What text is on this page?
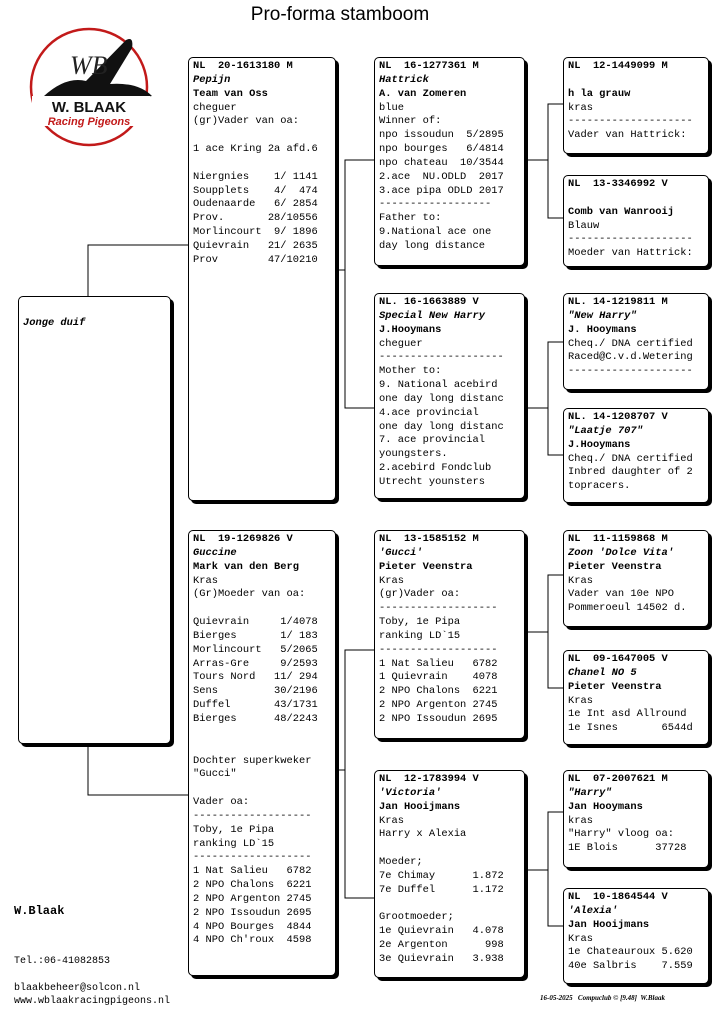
Pro-forma stamboom
WB
W. BLAAK
Racing Pigeons
Jonge duif
NL  20-1613180 M
Pepijn
Team van Oss
cheguer
(gr)Vader van oa:
1 ace Kring 2a afd.6
Niergnies    1/ 1141
Soupplets    4/  474
Oudenaarde   6/ 2854
Prov.       28/10556
Morlincourt  9/ 1896
Quievrain   21/ 2635
Prov        47/10210
NL  19-1269826 V
Guccine
Mark van den Berg
Kras
(Gr)Moeder van oa:
Quievrain     1/4078
Bierges       1/ 183
Morlincourt   5/2065
Arras-Gre     9/2593
Tours Nord   11/ 294
Sens         30/2196
Duffel       43/1731
Bierges      48/2243
Dochter superkweker
"Gucci"
Vader oa:
-------------------
Toby, 1e Pipa
ranking LD`15
-------------------
1 Nat Salieu   6782
2 NPO Chalons  6221
2 NPO Argenton 2745
2 NPO Issoudun 2695
4 NPO Bourges  4844
4 NPO Ch'roux  4598
NL  16-1277361 M
Hattrick
A. van Zomeren
blue
Winner of:
npo issoudun  5/2895
npo bourges   6/4814
npo chateau  10/3544
2.ace  NU.ODLD  2017
3.ace pipa ODLD 2017
------------------
Father to:
9.National ace one
day long distance
NL. 16-1663889 V
Special New Harry
J.Hooymans
cheguer
--------------------
Mother to:
9. National acebird
one day long distanc
4.ace provincial
one day long distanc
7. ace provincial
youngsters.
2.acebird Fondclub
Utrecht younsters
NL  13-1585152 M
'Gucci'
Pieter Veenstra
Kras
(gr)Vader oa:
-------------------
Toby, 1e Pipa
ranking LD`15
-------------------
1 Nat Salieu   6782
1 Quievrain    4078
2 NPO Chalons  6221
2 NPO Argenton 2745
2 NPO Issoudun 2695
NL  12-1783994 V
'Victoria'
Jan Hooijmans
Kras
Harry x Alexia
Moeder;
7e Chimay      1.872
7e Duffel      1.172
Grootmoeder;
1e Quievrain   4.078
2e Argenton      998
3e Quievrain   3.938
NL  12-1449099 M
h la grauw
kras
--------------------
Vader van Hattrick:
NL  13-3346992 V
Comb van Wanrooij
Blauw
--------------------
Moeder van Hattrick:
NL. 14-1219811 M
"New Harry"
J. Hooymans
Cheq./ DNA certified
Raced@C.v.d.Wetering
--------------------
NL. 14-1208707 V
"Laatje 707"
J.Hooymans
Cheq./ DNA certified
Inbred daughter of 2
topracers.
NL  11-1159868 M
Zoon 'Dolce Vita'
Pieter Veenstra
Kras
Vader van 10e NPO
Pommeroeul 14502 d.
NL  09-1647005 V
Chanel NO 5
Pieter Veenstra
Kras
1e Int asd Allround
1e Isnes       6544d
NL  07-2007621 M
"Harry"
Jan Hooymans
kras
"Harry" vloog oa:
1E Blois      37728
NL  10-1864544 V
'Alexia'
Jan Hooijmans
Kras
1e Chateauroux 5.620
40e Salbris    7.559
W.Blaak
Tel.:06-41082853
blaakbeheer@solcon.nl
www.wblaakracingpigeons.nl	16-05-2025 Compuclub © [9.48] W.Blaak
